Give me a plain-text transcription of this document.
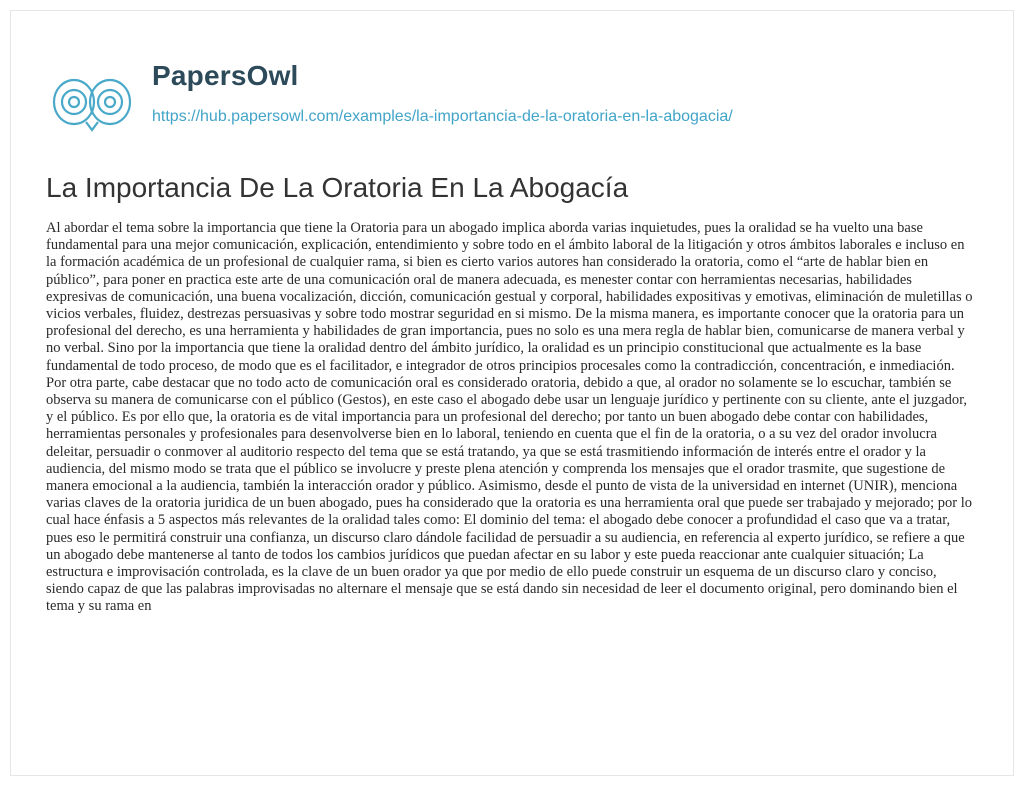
PapersOwl
https://hub.papersowl.com/examples/la-importancia-de-la-oratoria-en-la-abogacia/
La Importancia De La Oratoria En La Abogacía

Al abordar el tema sobre la importancia que tiene la Oratoria para un abogado implica aborda varias inquietudes, pues la oralidad se ha vuelto una base fundamental para una mejor comunicación, explicación, entendimiento y sobre todo en el ámbito laboral de la litigación y otros ámbitos laborales e incluso en la formación académica de un profesional de cualquier rama, si bien es cierto varios autores han considerado la oratoria, como el “arte de hablar bien en público”, para poner en practica este arte de una comunicación oral de manera adecuada, es menester contar con herramientas necesarias, habilidades expresivas de comunicación, una buena vocalización, dicción, comunicación gestual y corporal, habilidades expositivas y emotivas, eliminación de muletillas o vicios verbales, fluidez, destrezas persuasivas y sobre todo mostrar seguridad en si mismo. De la misma manera, es importante conocer que la oratoria para un profesional del derecho, es una herramienta y habilidades de gran importancia, pues no solo es una mera regla de hablar bien, comunicarse de manera verbal y no verbal. Sino por la importancia que tiene la oralidad dentro del ámbito jurídico, la oralidad es un principio constitucional que actualmente es la base fundamental de todo proceso, de modo que es el facilitador, e integrador de otros principios procesales como la contradicción, concentración, e inmediación. Por otra parte, cabe destacar que no todo acto de comunicación oral es considerado oratoria, debido a que, al orador no solamente se lo escuchar, también se observa su manera de comunicarse con el público (Gestos), en este caso el abogado debe usar un lenguaje jurídico y pertinente con su cliente, ante el juzgador, y el público. Es por ello que, la oratoria es de vital importancia para un profesional del derecho; por tanto un buen abogado debe contar con habilidades, herramientas personales y profesionales para desenvolverse bien en lo laboral, teniendo en cuenta que el fin de la oratoria, o a su vez del orador involucra deleitar, persuadir o conmover al auditorio respecto del tema que se está tratando, ya que se está trasmitiendo información de interés entre el orador y la audiencia, del mismo modo se trata que el público se involucre y preste plena atención y comprenda los mensajes que el orador trasmite, que sugestione de manera emocional a la audiencia, también la interacción orador y público. Asimismo, desde el punto de vista de la universidad en internet (UNIR), menciona varias claves de la oratoria juridica de un buen abogado, pues ha considerado que la oratoria es una herramienta oral que puede ser trabajado y mejorado; por lo cual hace énfasis a 5 aspectos más relevantes de la oralidad tales como: El dominio del tema: el abogado debe conocer a profundidad el caso que va a tratar, pues eso le permitirá construir una confianza, un discurso claro dándole facilidad de persuadir a su audiencia, en referencia al experto jurídico, se refiere a que un abogado debe mantenerse al tanto de todos los cambios jurídicos que puedan afectar en su labor y este pueda reaccionar ante cualquier situación; La estructura e improvisación controlada, es la clave de un buen orador ya que por medio de ello puede construir un esquema de un discurso claro y conciso, siendo capaz de que las palabras improvisadas no alternare el mensaje que se está dando sin necesidad de leer el documento original, pero dominando bien el tema y su rama en
